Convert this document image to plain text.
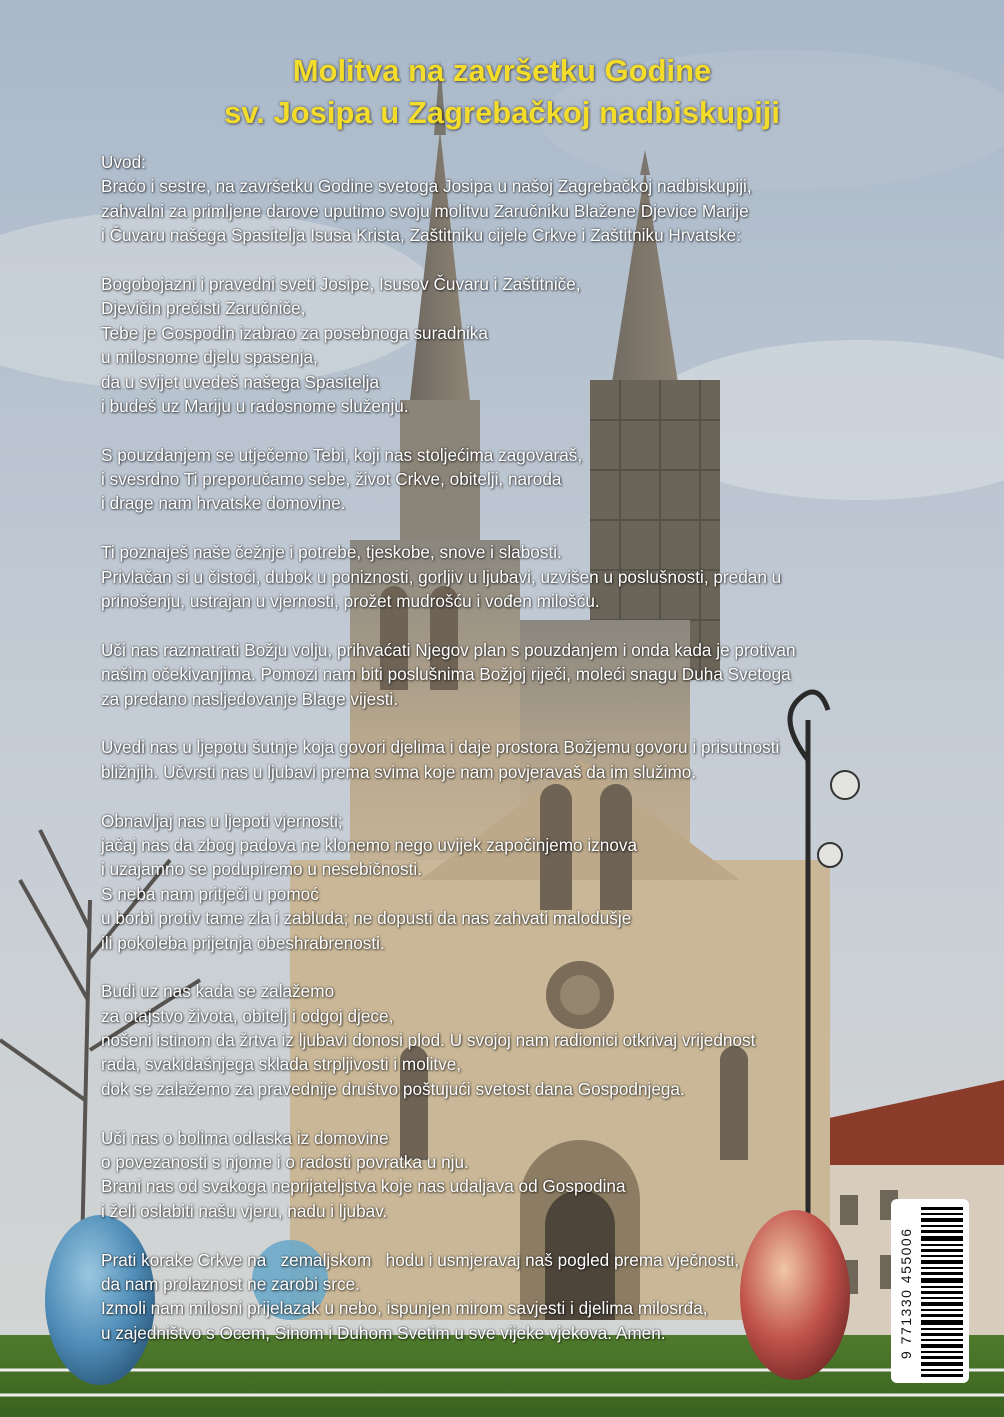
Molitva na završetku Godine
sv. Josipa u Zagrebačkoj nadbiskupiji
Uvod:
Braćo i sestre, na završetku Godine svetoga Josipa u našoj Zagrebačkoj nadbiskupiji,
zahvalni za primljene darove uputimo svoju molitvu Zaručniku Blažene Djevice Marije
i Čuvaru našega Spasitelja Isusa Krista, Zaštitniku cijele Crkve i Zaštitniku Hrvatske:
Bogobojazni i pravedni sveti Josipe, Isusov Čuvaru i Zaštitniče,
Djevičin prečisti Zaručniče,
Tebe je Gospodin izabrao za posebnoga suradnika
u milosnome djelu spasenja,
da u svijet uvedeš našega Spasitelja
i budeš uz Mariju u radosnome služenju.
S pouzdanjem se utječemo Tebi, koji nas stoljećima zagovaraš,
i svesrdno Ti preporučamo sebe, život Crkve, obitelji, naroda
i drage nam hrvatske domovine.
Ti poznaješ naše čežnje i potrebe, tjeskobe, snove i slabosti.
Privlačan si u čistoći, dubok u poniznosti, gorljiv u ljubavi, uzvišen u poslušnosti, predan u
prinošenju, ustrajan u vjernosti, prožet mudrošću i vođen milošću.
Uči nas razmatrati Božju volju, prihvaćati Njegov plan s pouzdanjem i onda kada je protivan
našim očekivanjima. Pomozi nam biti poslušnima Božjoj riječi, moleći snagu Duha Svetoga
za predano nasljedovanje Blage vijesti.
Uvedi nas u ljepotu šutnje koja govori djelima i daje prostora Božjemu govoru i prisutnosti
bližnjih. Učvrsti nas u ljubavi prema svima koje nam povjeravaš da im služimo.
Obnavljaj nas u ljepoti vjernosti;
jačaj nas da zbog padova ne klonemo nego uvijek započinjemo iznova
i uzajamno se podupiremo u nesebičnosti.
S neba nam pritječi u pomoć
u borbi protiv tame zla i zabluda; ne dopusti da nas zahvati malodušje
ili pokoleba prijetnja obeshrabrenosti.
Budi uz nas kada se zalažemo
za otajstvo života, obitelj i odgoj djece,
nošeni istinom da žrtva iz ljubavi donosi plod. U svojoj nam radionici otkrivaj vrijednost
rada, svakidašnjega sklada strpljivosti i molitve,
dok se zalažemo za pravednije društvo poštujući svetost dana Gospodnjega.
Uči nas o bolima odlaska iz domovine
o povezanosti s njome i o radosti povratka u nju.
Brani nas od svakoga neprijateljstva koje nas udaljava od Gospodina
i želi oslabiti našu vjeru, nadu i ljubav.
Prati korake Crkve na   zemaljskom   hodu i usmjeravaj naš pogled prema vječnosti,
da nam prolaznost ne zarobi srce.
Izmoli nam milosni prijelazak u nebo, ispunjen mirom savjesti i djelima milosrđa,
u zajedništvo s Ocem, Sinom i Duhom Svetim u sve vijeke vjekova. Amen.	9 771330 455006
